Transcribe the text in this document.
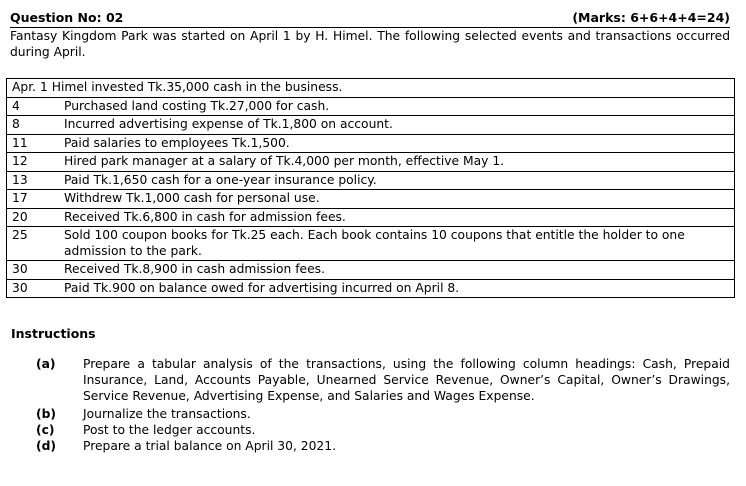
Question No: 02	(Marks: 6+6+4+4=24)
Fantasy Kingdom Park was started on April 1 by H. Himel. The following selected events and transactions occurred during April.
Apr. 1 Himel invested Tk.35,000 cash in the business.	
4	Purchased land costing Tk.27,000 for cash.
8	Incurred advertising expense of Tk.1,800 on account.
11	Paid salaries to employees Tk.1,500.
12	Hired park manager at a salary of Tk.4,000 per month, effective May 1.
13	Paid Tk.1,650 cash for a one-year insurance policy.
17	Withdrew Tk.1,000 cash for personal use.
20	Received Tk.6,800 in cash for admission fees.
25	Sold 100 coupon books for Tk.25 each. Each book contains 10 coupons that entitle the holder to one admission to the park.
30	Received Tk.8,900 in cash admission fees.
30	Paid Tk.900 on balance owed for advertising incurred on April 8.
Instructions
(a) Prepare a tabular analysis of the transactions, using the following column headings: Cash, Prepaid Insurance, Land, Accounts Payable, Unearned Service Revenue, Owner’s Capital, Owner’s Drawings, Service Revenue, Advertising Expense, and Salaries and Wages Expense.
(b) Journalize the transactions.
(c) Post to the ledger accounts.
(d) Prepare a trial balance on April 30, 2021.
